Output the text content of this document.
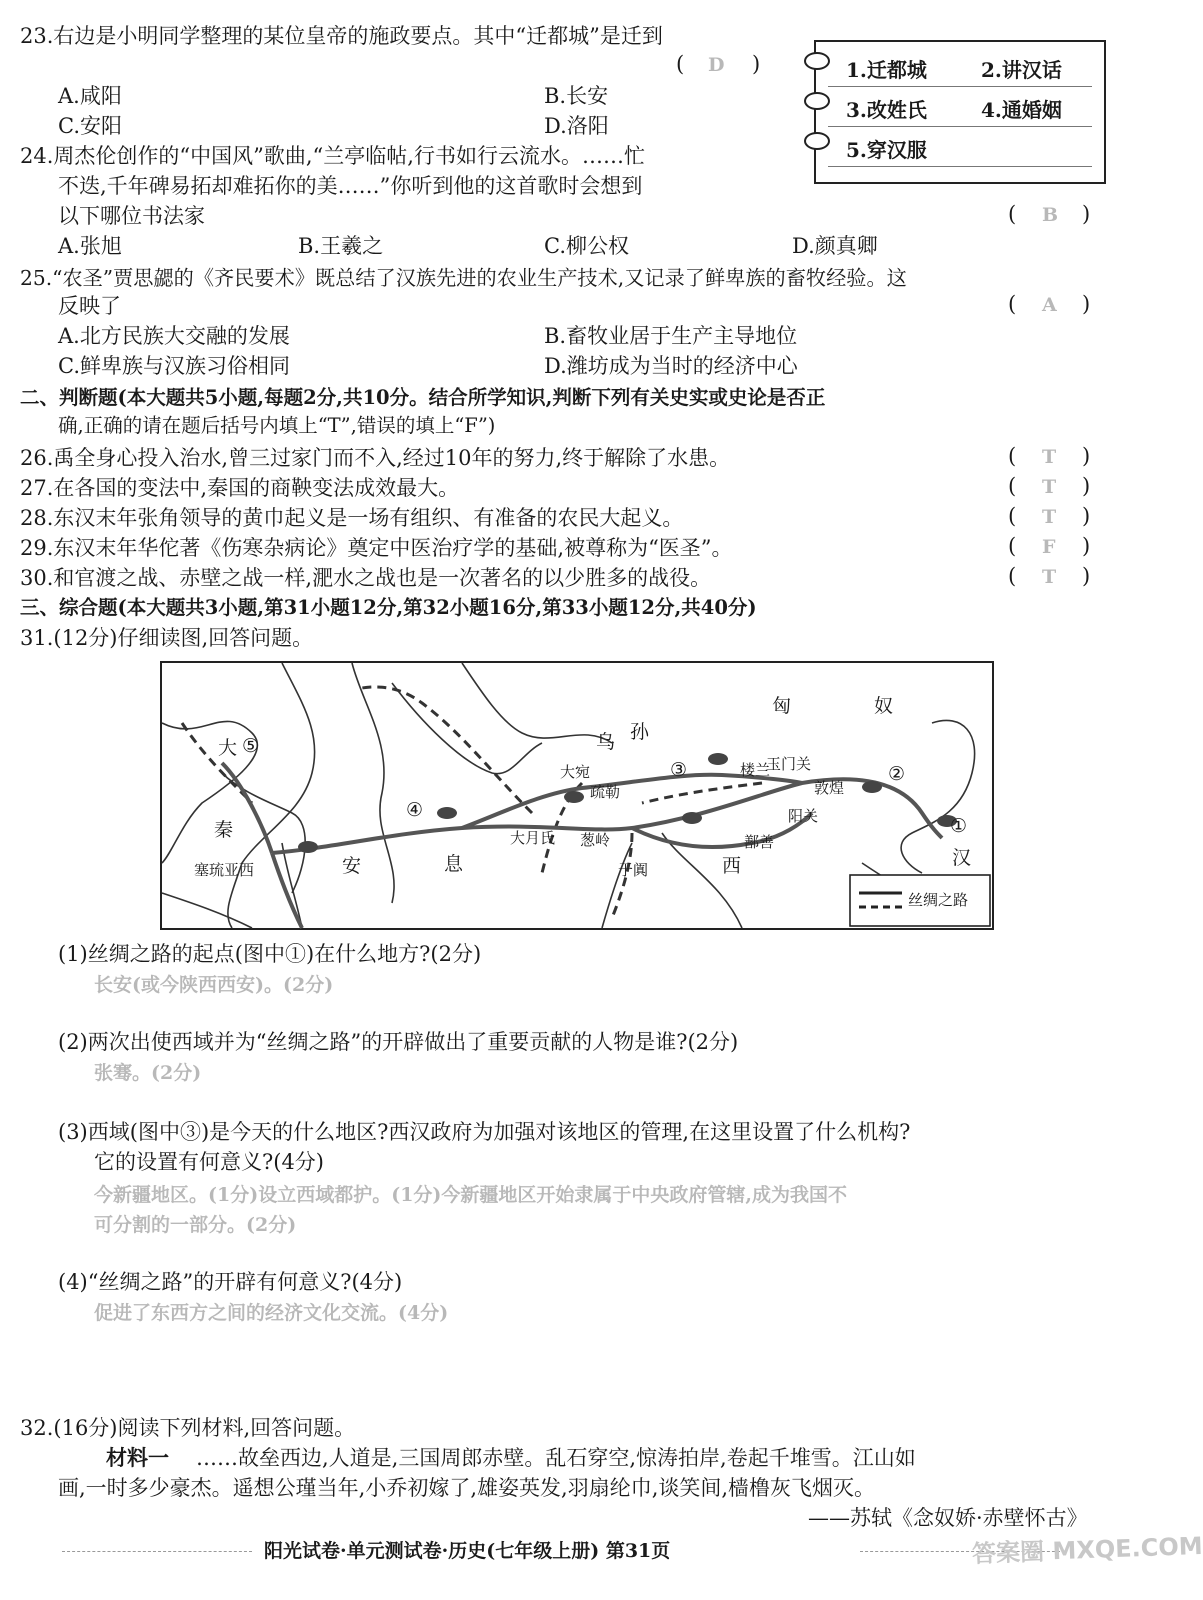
23.右边是小明同学整理的某位皇帝的施政要点。其中“迁都城”是迁到
( D )
A.咸阳	B.长安
C.安阳	D.洛阳
1.迁都城	2.讲汉话
3.改姓氏	4.通婚姻
5.穿汉服
24.周杰伦创作的“中国风”歌曲,“兰亭临帖,行书如行云流水。……忙
不迭,千年碑易拓却难拓你的美……”你听到他的这首歌时会想到
以下哪位书法家	( B )
A.张旭	B.王羲之	C.柳公权	D.颜真卿
25.“农圣”贾思勰的《齐民要术》既总结了汉族先进的农业生产技术,又记录了鲜卑族的畜牧经验。这
反映了	( A )
A.北方民族大交融的发展	B.畜牧业居于生产主导地位
C.鲜卑族与汉族习俗相同	D.潍坊成为当时的经济中心
二、判断题(本大题共5小题,每题2分,共10分。结合所学知识,判断下列有关史实或史论是否正
确,正确的请在题后括号内填上“T”,错误的填上“F”)
26.禹全身心投入治水,曾三过家门而不入,经过10年的努力,终于解除了水患。	( T )
27.在各国的变法中,秦国的商鞅变法成效最大。	( T )
28.东汉末年张角领导的黄巾起义是一场有组织、有准备的农民大起义。	( T )
29.东汉末年华佗著《伤寒杂病论》奠定中医治疗学的基础,被尊称为“医圣”。	( F )
30.和官渡之战、赤壁之战一样,淝水之战也是一次著名的以少胜多的战役。	( T )
三、综合题(本大题共3小题,第31小题12分,第32小题16分,第33小题12分,共40分)
31.(12分)仔细读图,回答问题。
匈	奴
乌 孙
大 ⑤
大宛
疏勒
③	楼兰
玉门关	②
敦煌
阳关
④
秦	大月氏 葱岭	鄯善
①
汉
塞琉亚西	安	息	于阗	西
丝绸之路
(1)丝绸之路的起点(图中①)在什么地方?(2分)
长安(或今陕西西安)。(2分)
(2)两次出使西域并为“丝绸之路”的开辟做出了重要贡献的人物是谁?(2分)
张骞。(2分)
(3)西域(图中③)是今天的什么地区?西汉政府为加强对该地区的管理,在这里设置了什么机构?
它的设置有何意义?(4分)
今新疆地区。(1分)设立西域都护。(1分)今新疆地区开始隶属于中央政府管辖,成为我国不
可分割的一部分。(2分)
(4)“丝绸之路”的开辟有何意义?(4分)
促进了东西方之间的经济文化交流。(4分)
32.(16分)阅读下列材料,回答问题。
材料一 ……故垒西边,人道是,三国周郎赤壁。乱石穿空,惊涛拍岸,卷起千堆雪。江山如
画,一时多少豪杰。遥想公瑾当年,小乔初嫁了,雄姿英发,羽扇纶巾,谈笑间,樯橹灰飞烟灭。
——苏轼《念奴娇·赤壁怀古》
阳光试卷·单元测试卷·历史(七年级上册) 第31页	答案圈 MXQE.COM
